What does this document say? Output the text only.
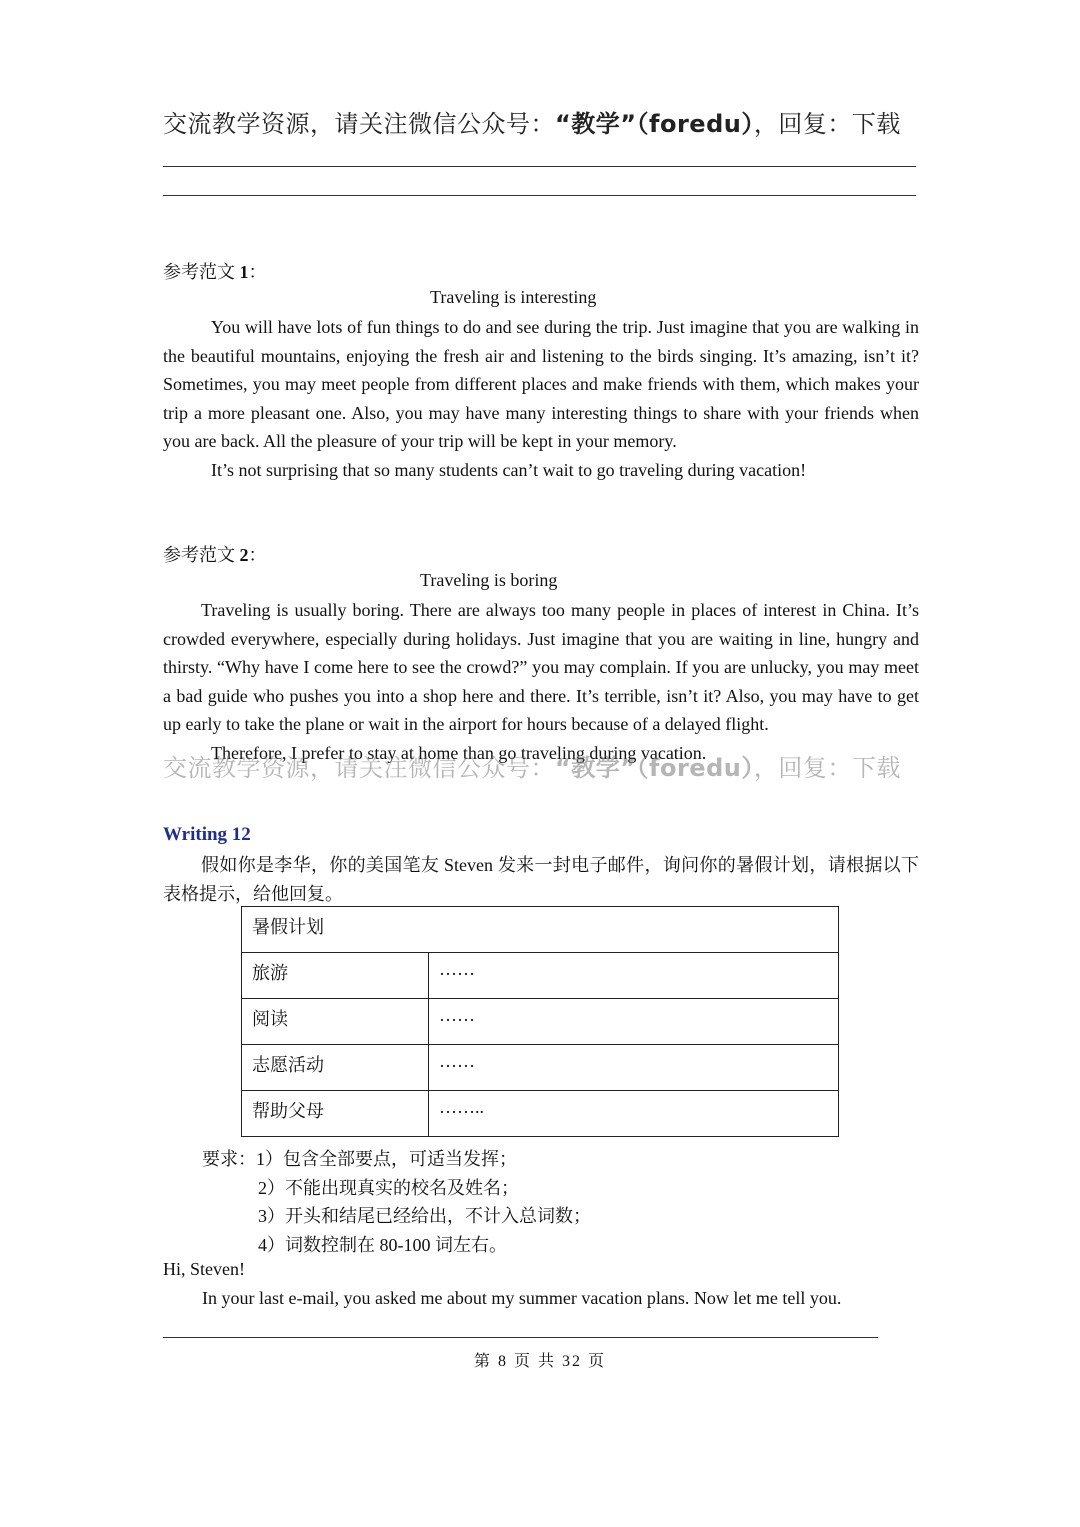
交流教学资源，请关注微信公众号：“教学”（foredu），回复：下载
参考范文 1：
Traveling is interesting

You will have lots of fun things to do and see during the trip. Just imagine that you are walking in the beautiful mountains, enjoying the fresh air and listening to the birds singing. It’s amazing, isn’t it? Sometimes, you may meet people from different places and make friends with them, which makes your trip a more pleasant one. Also, you may have many interesting things to share with your friends when you are back. All the pleasure of your trip will be kept in your memory.

It’s not surprising that so many students can’t wait to go traveling during vacation!

参考范文 2：
Traveling is boring

Traveling is usually boring. There are always too many people in places of interest in China. It’s crowded everywhere, especially during holidays. Just imagine that you are waiting in line, hungry and thirsty. “Why have I come here to see the crowd?” you may complain. If you are unlucky, you may meet a bad guide who pushes you into a shop here and there. It’s terrible, isn’t it? Also, you may have to get up early to take the plane or wait in the airport for hours because of a delayed flight.

Therefore, I prefer to stay at home than go traveling during vacation.

交流教学资源，请关注微信公众号：“教学”（foredu），回复：下载
Writing 12

假如你是李华，你的美国笔友 Steven 发来一封电子邮件，询问你的暑假计划，请根据以下表格提示，给他回复。

暑假计划	
旅游	……
阅读	……
志愿活动	……
帮助父母	……..
要求：1）包含全部要点，可适当发挥；
2）不能出现真实的校名及姓名；
3）开头和结尾已经给出，不计入总词数；
4）词数控制在 80-100 词左右。
Hi, Steven!
In your last e-mail, you asked me about my summer vacation plans. Now let me tell you.
第 8 页 共 32 页
